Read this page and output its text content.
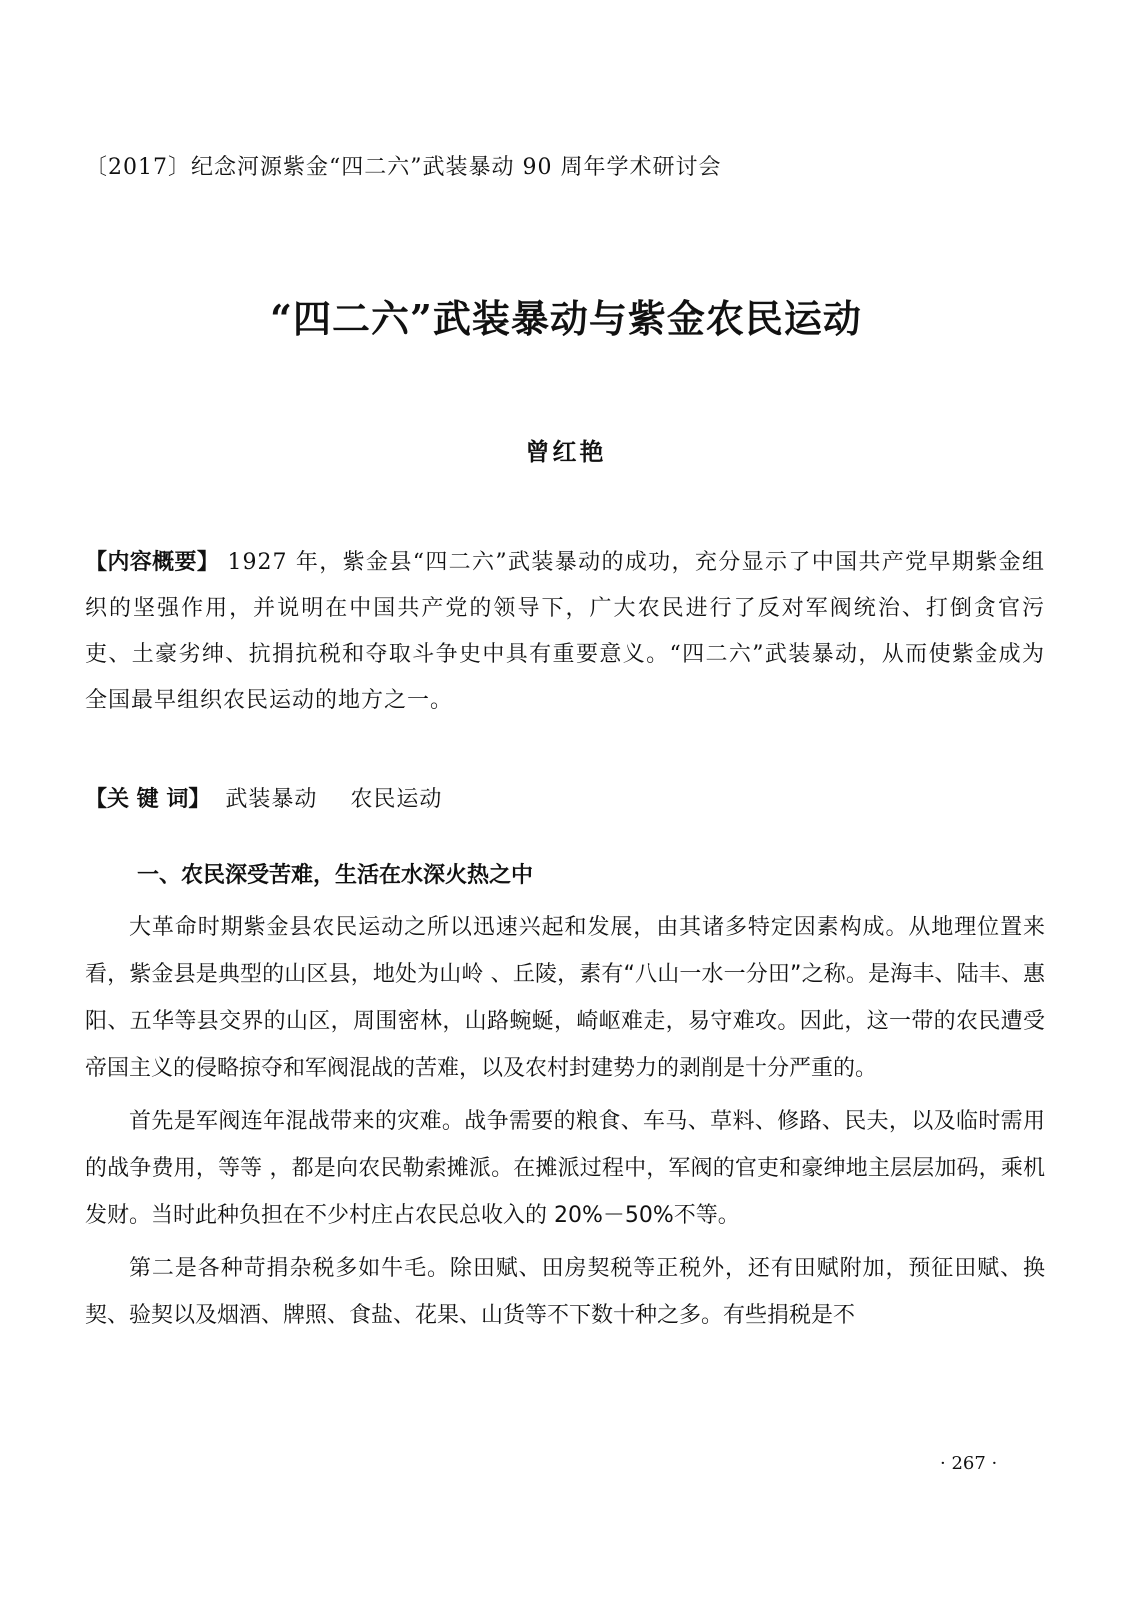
〔2017〕纪念河源紫金“四二六”武装暴动 90 周年学术研讨会
“四二六”武装暴动与紫金农民运动
曾红艳
【内容概要】 1927 年，紫金县“四二六”武装暴动的成功，充分显示了中国共产党早期紫金组织的坚强作用，并说明在中国共产党的领导下，广大农民进行了反对军阀统治、打倒贪官污吏、土豪劣绅、抗捐抗税和夺取斗争史中具有重要意义。“四二六”武装暴动，从而使紫金成为全国最早组织农民运动的地方之一。
【关 键 词】 武装暴动 农民运动
一、农民深受苦难，生活在水深火热之中

大革命时期紫金县农民运动之所以迅速兴起和发展，由其诸多特定因素构成。从地理位置来看，紫金县是典型的山区县，地处为山岭 、丘陵，素有“八山一水一分田”之称。是海丰、陆丰、惠阳、五华等县交界的山区，周围密林，山路蜿蜒，崎岖难走，易守难攻。因此，这一带的农民遭受帝国主义的侵略掠夺和军阀混战的苦难，以及农村封建势力的剥削是十分严重的。

首先是军阀连年混战带来的灾难。战争需要的粮食、车马、草料、修路、民夫，以及临时需用的战争费用，等等 ，都是向农民勒索摊派。在摊派过程中，军阀的官吏和豪绅地主层层加码，乘机发财。当时此种负担在不少村庄占农民总收入的 20%－50%不等。

第二是各种苛捐杂税多如牛毛。除田赋、田房契税等正税外，还有田赋附加，预征田赋、换契、验契以及烟酒、牌照、食盐、花果、山货等不下数十种之多。有些捐税是不

· 267 ·
